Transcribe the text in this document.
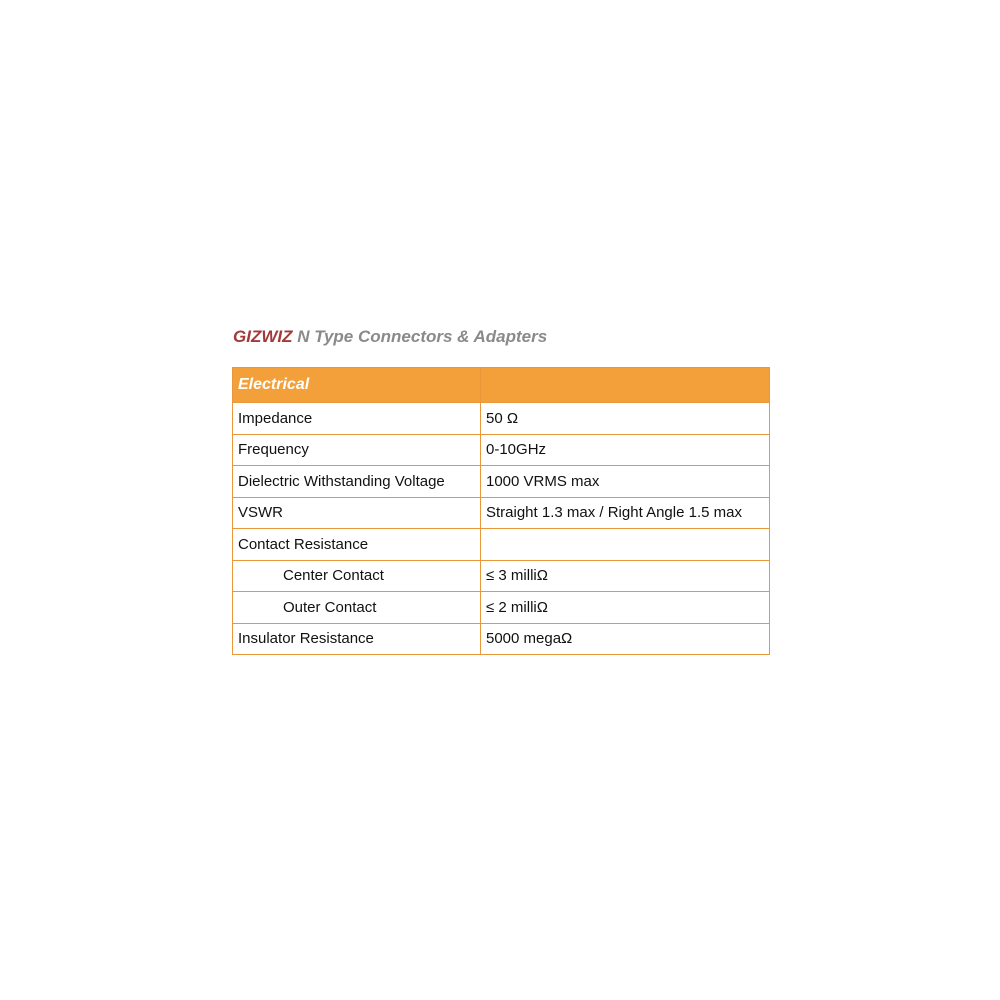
GIZWIZ N Type Connectors & Adapters
Electrical	
Impedance	50 Ω
Frequency	0-10GHz
Dielectric Withstanding Voltage	1000 VRMS max
VSWR	Straight 1.3 max / Right Angle 1.5 max
Contact Resistance	
Center Contact	≤ 3 milliΩ
Outer Contact	≤ 2 milliΩ
Insulator Resistance	5000 megaΩ
